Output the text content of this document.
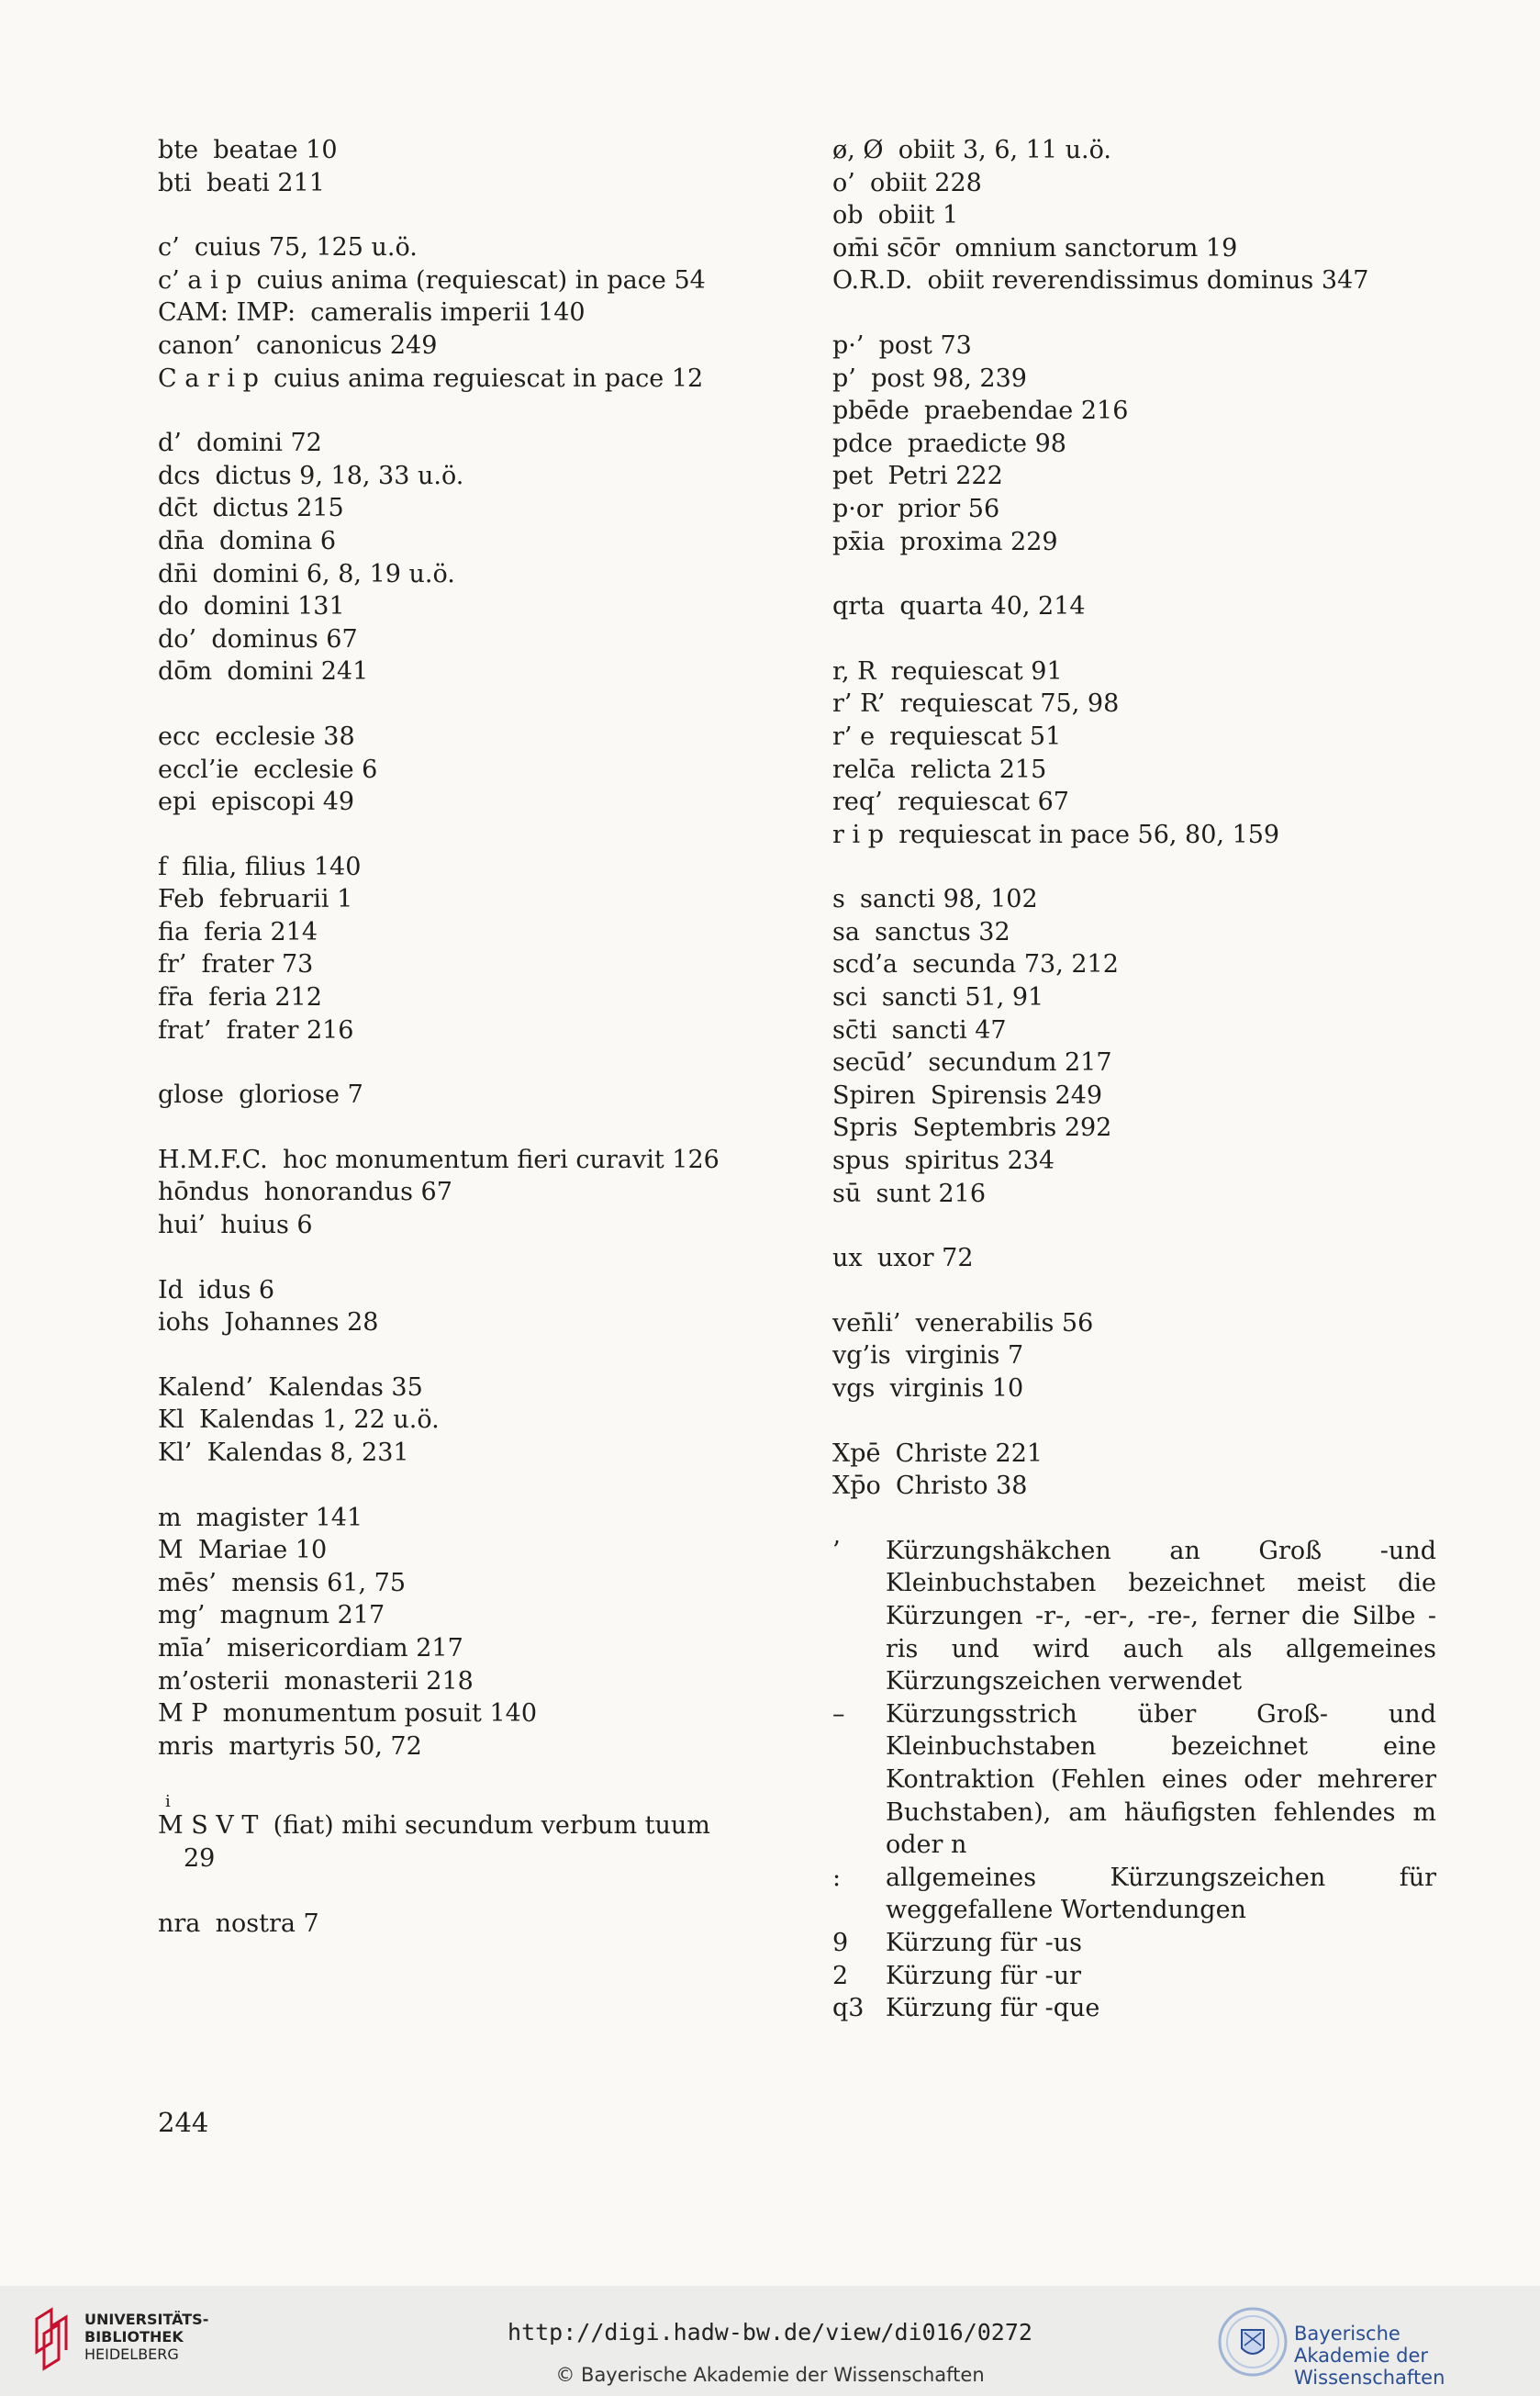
bte beatae 10
bti beati 211
c’ cuius 75, 125 u.ö.
c’ a i p cuius anima (requiescat) in pace 54
CAM: IMP: cameralis imperii 140
canon’ canonicus 249
C a r i p cuius anima reguiescat in pace 12
d’ domini 72
dcs dictus 9, 18, 33 u.ö.
dc̄t dictus 215
dn̄a domina 6
dn̄i domini 6, 8, 19 u.ö.
do domini 131
do’ dominus 67
dōm domini 241
ecc ecclesie 38
eccl’ie ecclesie 6
epi episcopi 49
f filia, filius 140
Feb februarii 1
fia feria 214
fr’ frater 73
fr̄a feria 212
frat’ frater 216
glose gloriose 7
H.M.F.C. hoc monumentum fieri curavit 126
hōndus honorandus 67
hui’ huius 6
Id idus 6
iohs Johannes 28
Kalend’ Kalendas 35
Kl Kalendas 1, 22 u.ö.
Kl’ Kalendas 8, 231
m magister 141
M Mariae 10
mēs’ mensis 61, 75
mg’ magnum 217
mīa’ misericordiam 217
m’osterii monasterii 218
M P monumentum posuit 140
mris martyris 50, 72
i
M S V T (fiat) mihi secundum verbum tuum
29
nra nostra 7
ø, Ø obiit 3, 6, 11 u.ö.
o’ obiit 228
ob obiit 1
om̄i sc̄ōr omnium sanctorum 19
O.R.D. obiit reverendissimus dominus 347
p·’ post 73
p’ post 98, 239
pbēde praebendae 216
pdce praedicte 98
pet Petri 222
p·or prior 56
px̄ia proxima 229
qrta quarta 40, 214
r, R requiescat 91
r’ R’ requiescat 75, 98
r’ e requiescat 51
relc̄a relicta 215
req’ requiescat 67
r i p requiescat in pace 56, 80, 159
s sancti 98, 102
sa sanctus 32
scd’a secunda 73, 212
sci sancti 51, 91
sc̄ti sancti 47
secūd’ secundum 217
Spiren Spirensis 249
Spris Septembris 292
spus spiritus 234
sū sunt 216
ux uxor 72
ven̄li’ venerabilis 56
vg’is virginis 7
vgs virginis 10
Xpē Christe 221
Xp̄o Christo 38
’	Kürzungshäkchen an Groß -und Kleinbuchstaben bezeichnet meist die Kürzungen -r-, -er-, -re-, ferner die Silbe -ris und wird auch als allgemeines Kürzungszeichen verwendet
–	Kürzungsstrich über Groß- und Kleinbuchstaben bezeichnet eine Kontraktion (Fehlen eines oder mehrerer Buchstaben), am häufigsten fehlendes m oder n
:	allgemeines Kürzungszeichen für weggefallene Wortendungen
9	Kürzung für -us
2	Kürzung für -ur
q3 Kürzung für -que
244
UNIVERSITÄTS-
BIBLIOTHEK
HEIDELBERG
http://digi.hadw-bw.de/view/di016/0272
© Bayerische Akademie der Wissenschaften
Bayerische
Akademie der Wissenschaften
